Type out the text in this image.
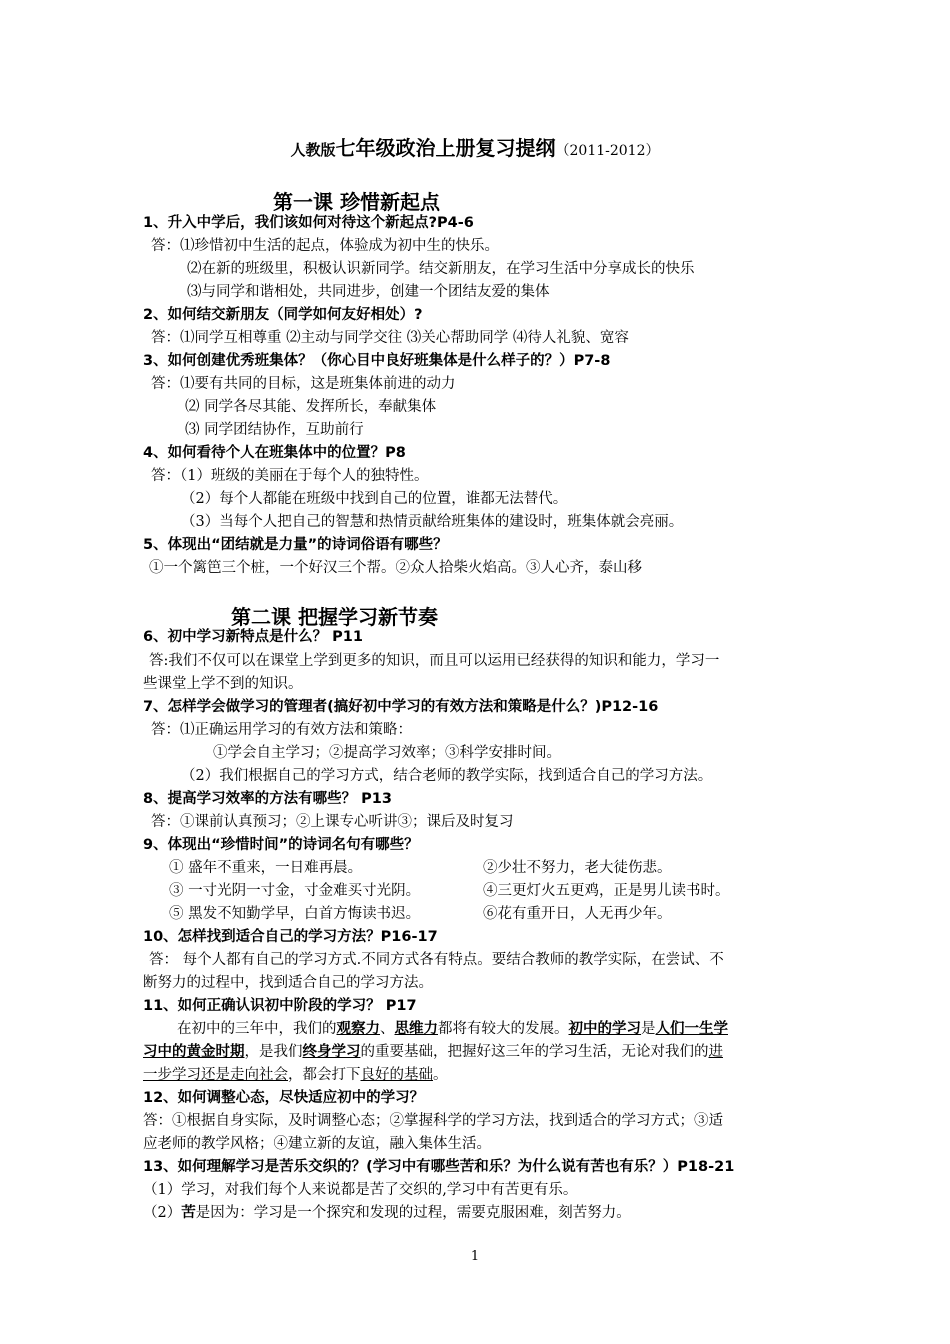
人教版七年级政治上册复习提纲（2011-2012）
第一课 珍惜新起点
1、升入中学后，我们该如何对待这个新起点?P4-6
答：⑴珍惜初中生活的起点，体验成为初中生的快乐。
⑵在新的班级里，积极认识新同学。结交新朋友，在学习生活中分享成长的快乐
⑶与同学和谐相处，共同进步，创建一个团结友爱的集体
2、如何结交新朋友（同学如何友好相处）?
答：⑴同学互相尊重 ⑵主动与同学交往 ⑶关心帮助同学 ⑷待人礼貌、宽容
3、如何创建优秀班集体？（你心目中良好班集体是什么样子的？）P7-8
答：⑴要有共同的目标，这是班集体前进的动力
⑵ 同学各尽其能、发挥所长，奉献集体
⑶ 同学团结协作，互助前行
4、如何看待个人在班集体中的位置？P8
答：（1）班级的美丽在于每个人的独特性。
（2）每个人都能在班级中找到自己的位置，谁都无法替代。
（3）当每个人把自己的智慧和热情贡献给班集体的建设时，班集体就会亮丽。
5、体现出“团结就是力量”的诗词俗语有哪些？
①一个篱笆三个桩，一个好汉三个帮。②众人拾柴火焰高。③人心齐，泰山移
第二课 把握学习新节奏
6、初中学习新特点是什么？ P11
答:我们不仅可以在课堂上学到更多的知识，而且可以运用已经获得的知识和能力，学习一
些课堂上学不到的知识。
7、怎样学会做学习的管理者(搞好初中学习的有效方法和策略是什么？)P12-16
答：⑴正确运用学习的有效方法和策略：
①学会自主学习；②提高学习效率；③科学安排时间。
（2）我们根据自己的学习方式，结合老师的教学实际，找到适合自己的学习方法。
8、提高学习效率的方法有哪些？ P13
答：①课前认真预习；②上课专心听讲③；课后及时复习
9、体现出“珍惜时间”的诗词名句有哪些？
① 盛年不重来，一日难再晨。	②少壮不努力，老大徒伤悲。
③ 一寸光阴一寸金，寸金难买寸光阴。	④三更灯火五更鸡，正是男儿读书时。
⑤ 黑发不知勤学早，白首方悔读书迟。	⑥花有重开日，人无再少年。
10、怎样找到适合自己的学习方法？P16-17
答： 每个人都有自己的学习方式.不同方式各有特点。要结合教师的教学实际，在尝试、不
断努力的过程中，找到适合自己的学习方法。
11、如何正确认识初中阶段的学习？ P17
在初中的三年中，我们的观察力、思维力都将有较大的发展。初中的学习是人们一生学
习中的黄金时期，是我们终身学习的重要基础，把握好这三年的学习生活，无论对我们的进
一步学习还是走向社会，都会打下良好的基础。
12、如何调整心态，尽快适应初中的学习？
答：①根据自身实际，及时调整心态；②掌握科学的学习方法，找到适合的学习方式；③适
应老师的教学风格；④建立新的友谊，融入集体生活。
13、如何理解学习是苦乐交织的？(学习中有哪些苦和乐？为什么说有苦也有乐？）P18-21
（1）学习，对我们每个人来说都是苦了交织的,学习中有苦更有乐。
（2）苦是因为：学习是一个探究和发现的过程，需要克服困难，刻苦努力。
1
